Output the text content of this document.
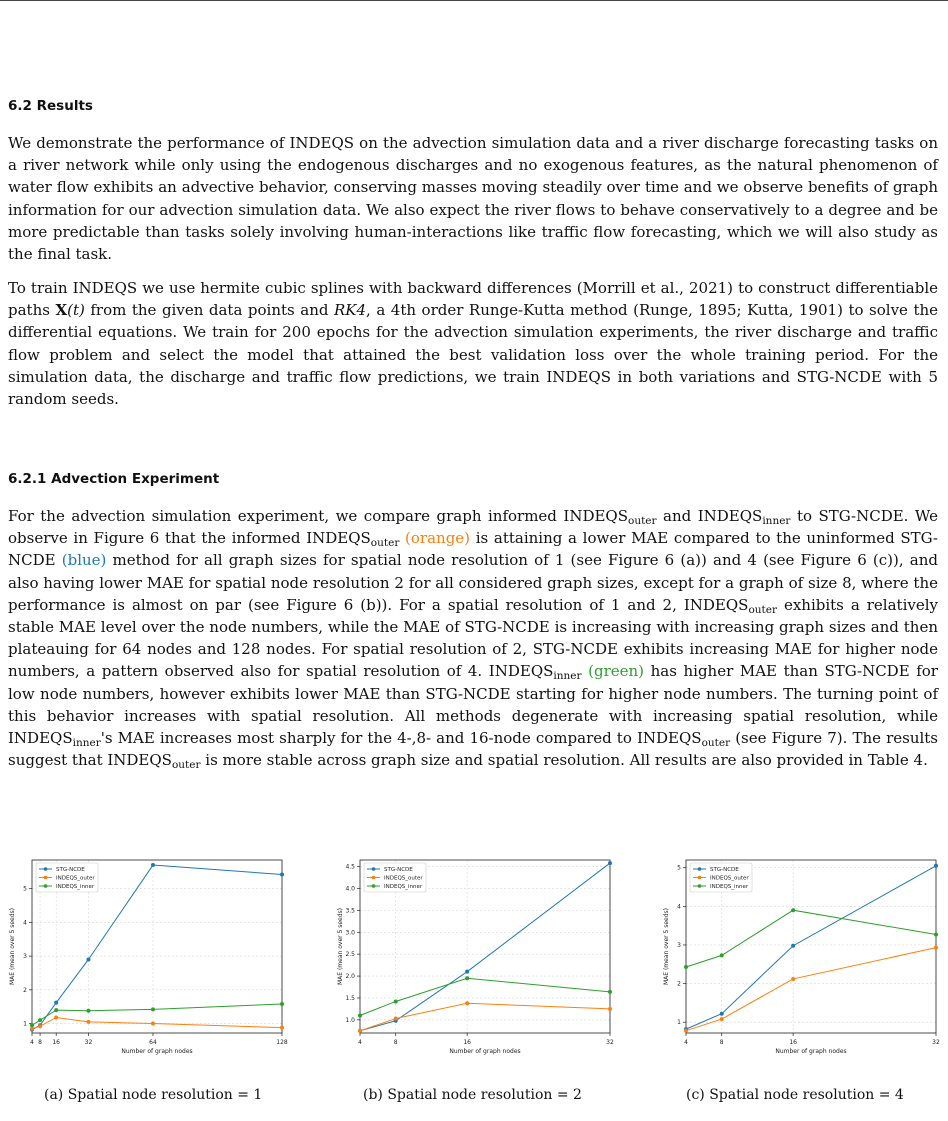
6.2 Results

We demonstrate the performance of INDEQS on the advection simulation data and a river discharge forecasting tasks on a river network while only using the endogenous discharges and no exogenous features, as the natural phenomenon of water flow exhibits an advective behavior, conserving masses moving steadily over time and we observe benefits of graph information for our advection simulation data. We also expect the river flows to behave conservatively to a degree and be more predictable than tasks solely involving human-interactions like traffic flow forecasting, which we will also study as the final task.

To train INDEQS we use hermite cubic splines with backward differences (Morrill et al., 2021) to construct differentiable paths X(t) from the given data points and RK4, a 4th order Runge-Kutta method (Runge, 1895; Kutta, 1901) to solve the differential equations. We train for 200 epochs for the advection simulation experiments, the river discharge and traffic flow problem and select the model that attained the best validation loss over the whole training period. For the simulation data, the discharge and traffic flow predictions, we train INDEQS in both variations and STG-NCDE with 5 random seeds.

6.2.1 Advection Experiment

For the advection simulation experiment, we compare graph informed $INDEQS_{outer}$ and $INDEQS_{inner}$ to STG-NCDE. We observe in Figure 6 that the informed $INDEQS_{outer}$ (orange) is attaining a lower MAE compared to the uninformed STG-NCDE (blue) method for all graph sizes for spatial node resolution of 1 (see Figure 6 (a)) and 4 (see Figure 6 (c)), and also having lower MAE for spatial node resolution 2 for all considered graph sizes, except for a graph of size 8, where the performance is almost on par (see Figure 6 (b)). For a spatial resolution of 1 and 2, $INDEQS_{outer}$ exhibits a relatively stable MAE level over the node numbers, while the MAE of STG-NCDE is increasing with increasing graph sizes and then plateauing for 64 nodes and 128 nodes. For spatial resolution of 2, STG-NCDE exhibits increasing MAE for higher node numbers, a pattern observed also for spatial resolution of 4. $INDEQS_{inner}$ (green) has higher MAE than STG-NCDE for low node numbers, however exhibits lower MAE than STG-NCDE starting for higher node numbers. The turning point of this behavior increases with spatial resolution. All methods degenerate with increasing spatial resolution, while $INDEQS_{inner}'s$ MAE increases most sharply for the 4-,8- and 16-node compared to $INDEQS_{outer}$ (see Figure 7). The results suggest that $INDEQS_{outer}$ is more stable across graph size and spatial resolution. All results are also provided in Table 4.

4 8 16	32	64	128
1
2
3
4
5
Number of graph nodes
MAE (mean over 5 seeds)
STG-NCDE
INDEQS_outer
INDEQS_inner
4	8	16	32
1.0
1.5
2.0
2.5
3.0
3.5
4.0
4.5
Number of graph nodes
MAE (mean over 5 seeds)
STG-NCDE
INDEQS_outer
INDEQS_inner
4	8	16	32
1
2
3
4
5
Number of graph nodes
MAE (mean over 5 seeds)
STG-NCDE
INDEQS_outer
INDEQS_inner
(a) Spatial node resolution = 1	(b) Spatial node resolution = 2	(c) Spatial node resolution = 4
